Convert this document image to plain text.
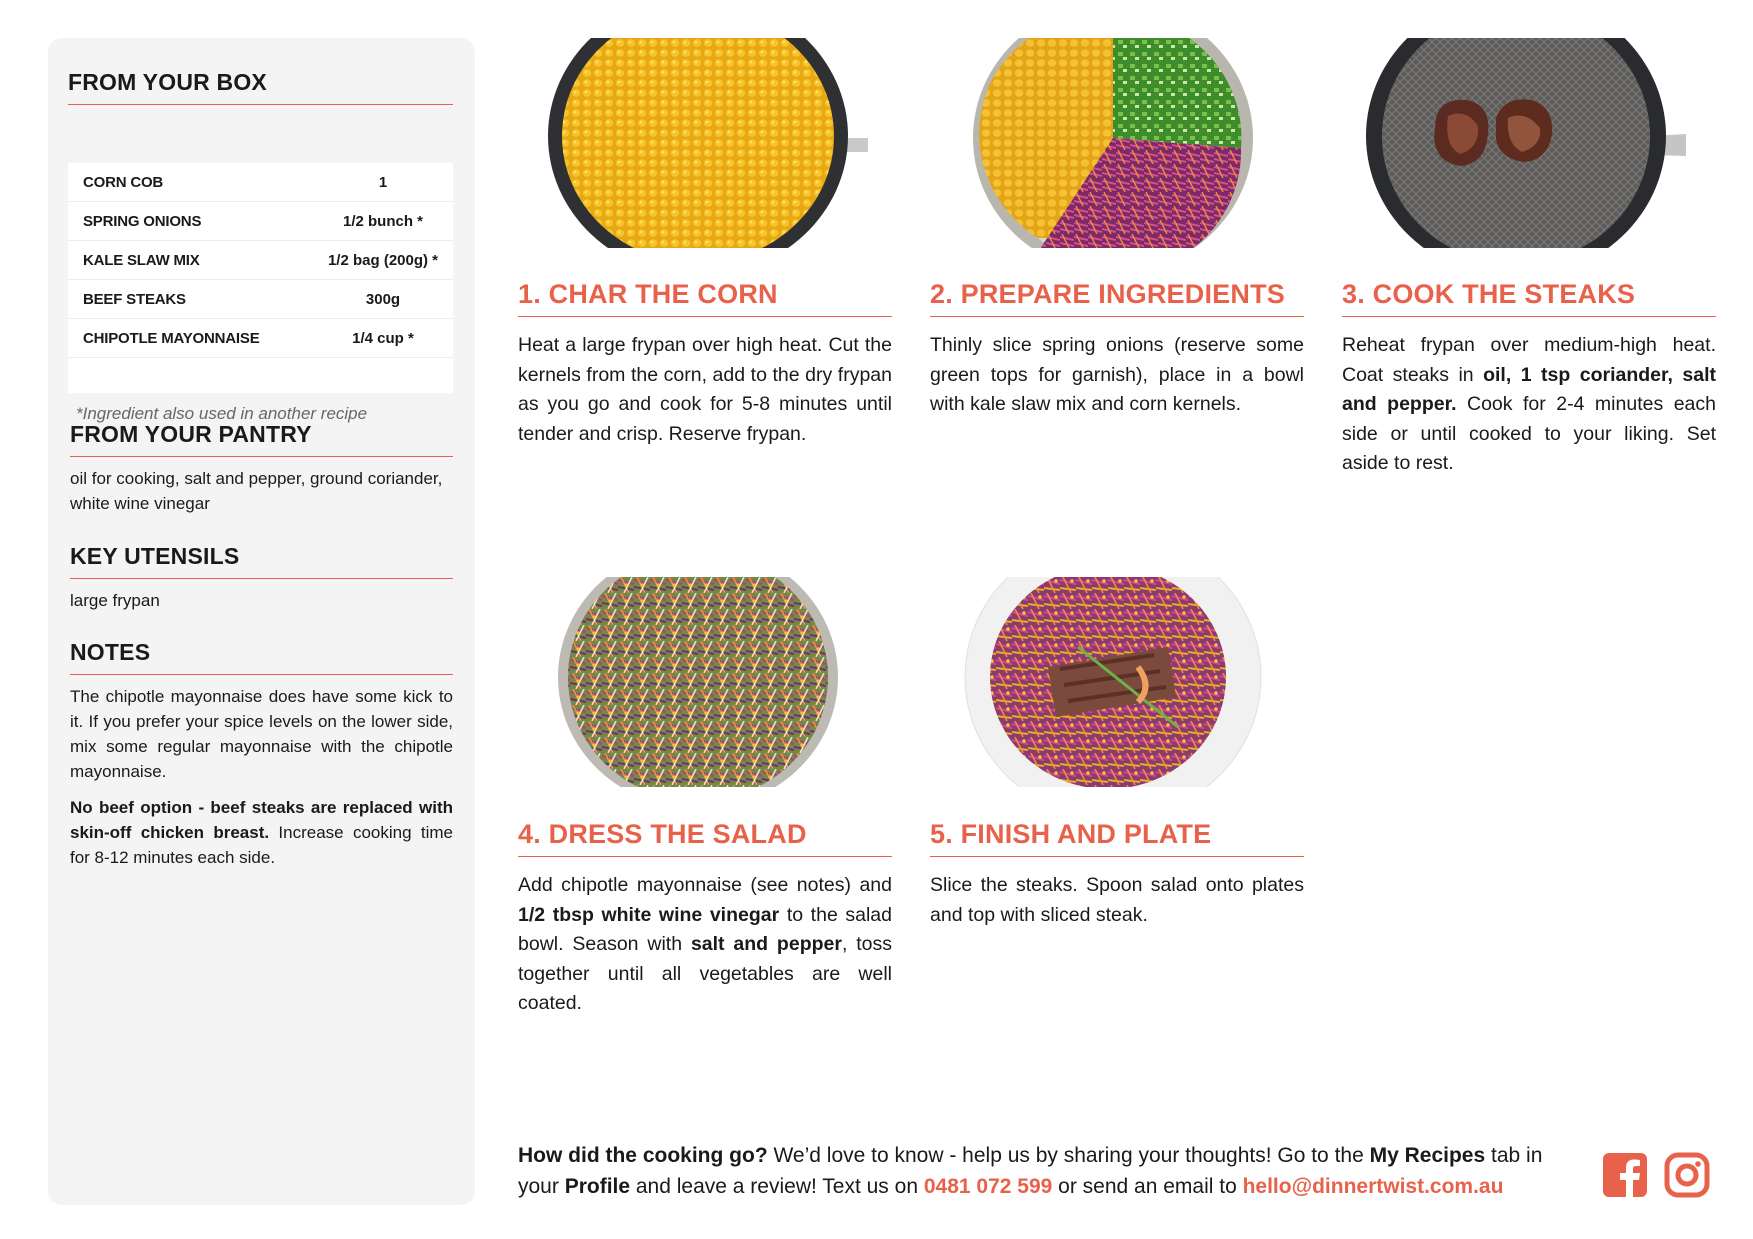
FROM YOUR BOX
CORN COB	1
SPRING ONIONS	1/2 bunch *
KALE SLAW MIX	1/2 bag (200g) *
BEEF STEAKS	300g
CHIPOTLE MAYONNAISE	1/4 cup *
*Ingredient also used in another recipe
FROM YOUR PANTRY
oil for cooking, salt and pepper, ground coriander, white wine vinegar
KEY UTENSILS
large frypan
NOTES
The chipotle mayonnaise does have some kick to it. If you prefer your spice levels on the lower side, mix some regular mayonnaise with the chipotle mayonnaise.
No beef option - beef steaks are replaced with skin-off chicken breast. Increase cooking time for 8-12 minutes each side.
1. CHAR THE CORN
Heat a large frypan over high heat. Cut the kernels from the corn, add to the dry frypan as you go and cook for 5-8 minutes until tender and crisp. Reserve frypan.
2. PREPARE INGREDIENTS
Thinly slice spring onions (reserve some green tops for garnish), place in a bowl with kale slaw mix and corn kernels.
3. COOK THE STEAKS
Reheat frypan over medium-high heat. Coat steaks in oil, 1 tsp coriander, salt and pepper. Cook for 2-4 minutes each side or until cooked to your liking. Set aside to rest.
4. DRESS THE SALAD
Add chipotle mayonnaise (see notes) and 1/2 tbsp white wine vinegar to the salad bowl. Season with salt and pepper, toss together until all vegetables are well coated.
5. FINISH AND PLATE
Slice the steaks. Spoon salad onto plates and top with sliced steak.
How did the cooking go? We’d love to know - help us by sharing your thoughts! Go to the My Recipes tab in your Profile and leave a review! Text us on 0481 072 599 or send an email to hello@dinnertwist.com.au
